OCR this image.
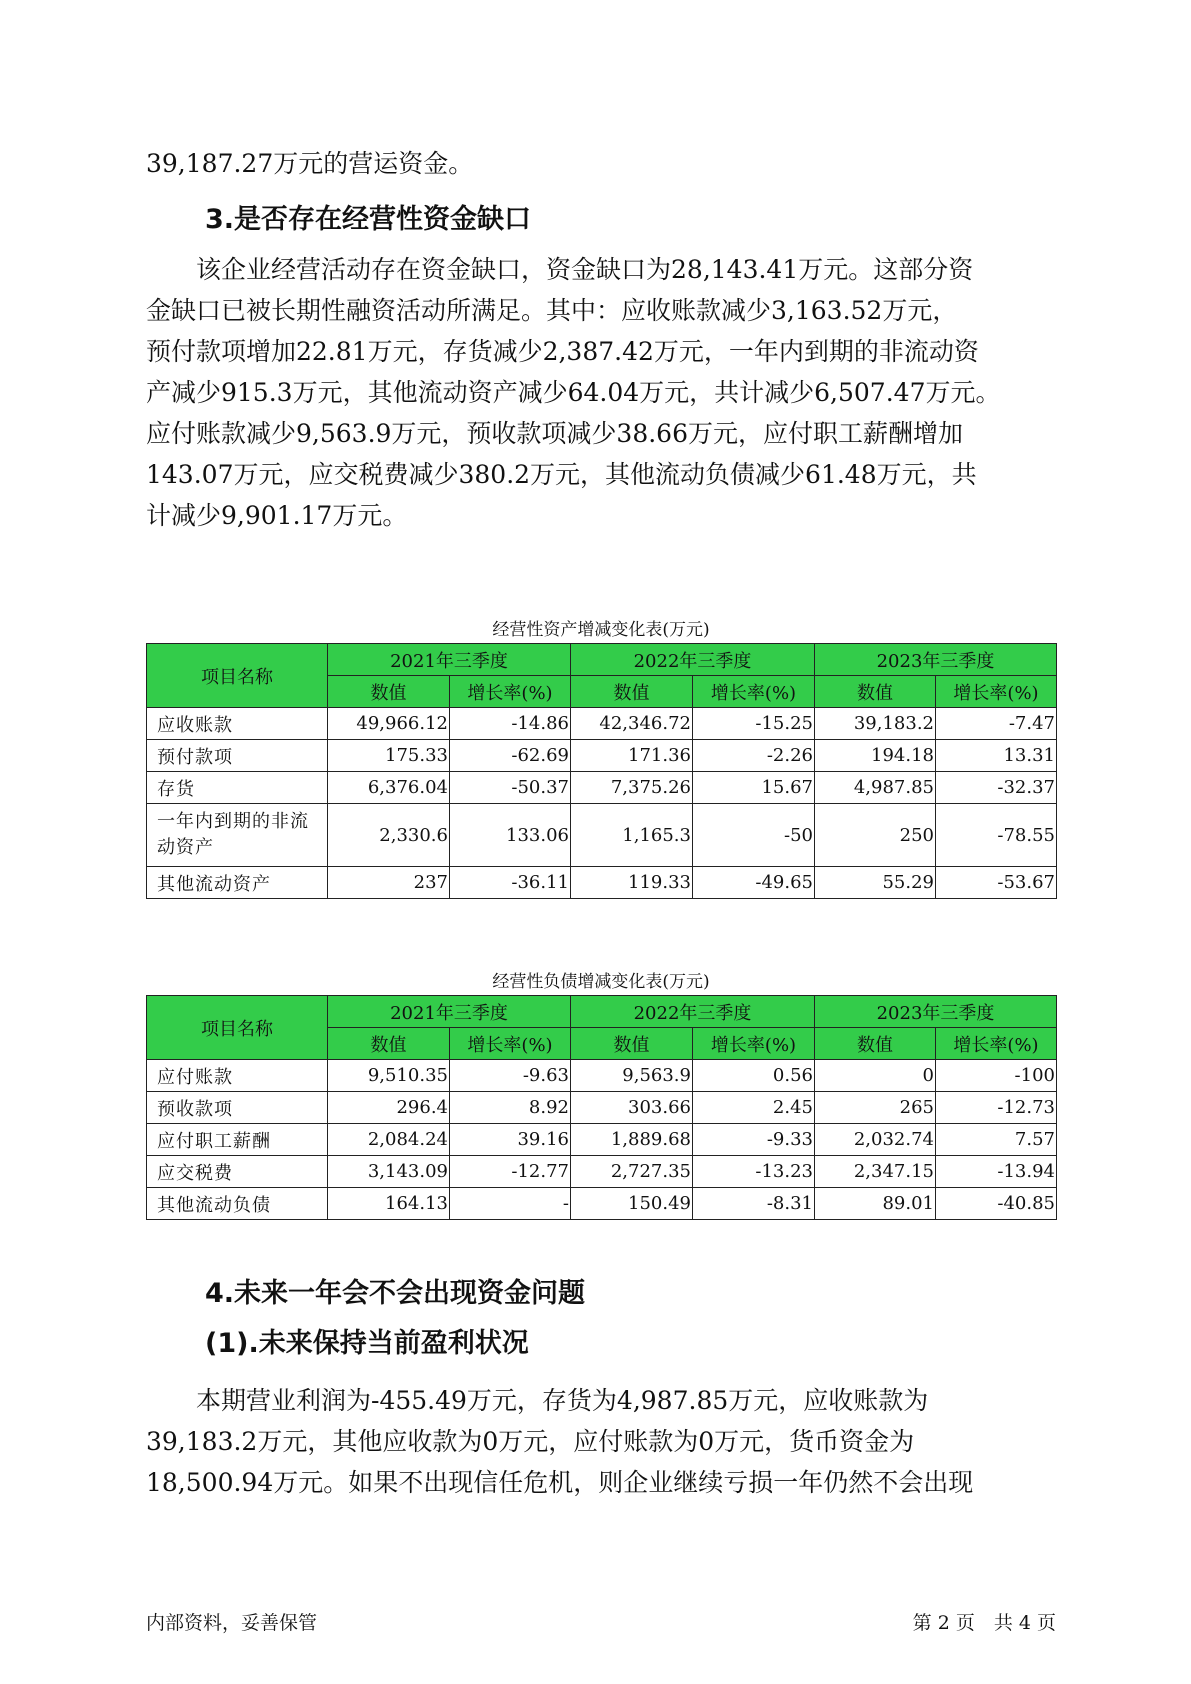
39,187.27万元的营运资金。

3.是否存在经营性资金缺口

　　该企业经营活动存在资金缺口，资金缺口为28,143.41万元。这部分资
金缺口已被长期性融资活动所满足。其中：应收账款减少3,163.52万元，
预付款项增加22.81万元，存货减少2,387.42万元，一年内到期的非流动资
产减少915.3万元，其他流动资产减少64.04万元，共计减少6,507.47万元。
应付账款减少9,563.9万元，预收款项减少38.66万元，应付职工薪酬增加
143.07万元，应交税费减少380.2万元，其他流动负债减少61.48万元，共
计减少9,901.17万元。

经营性资产增减变化表(万元)

项目名称	2021年三季度		2022年三季度		2023年三季度	
	数值	增长率(%)	数值	增长率(%)	数值	增长率(%)
应收账款	49,966.12	-14.86	42,346.72	-15.25	39,183.2	-7.47
预付款项	175.33	-62.69	171.36	-2.26	194.18	13.31
存货	6,376.04	-50.37	7,375.26	15.67	4,987.85	-32.37

一年内到期的非流
动资产	2,330.6	133.06	1,165.3	-50	250	-78.55
其他流动资产	237	-36.11	119.33	-49.65	55.29	-53.67

经营性负债增减变化表(万元)

项目名称	2021年三季度		2022年三季度		2023年三季度	
	数值	增长率(%)	数值	增长率(%)	数值	增长率(%)
应付账款	9,510.35	-9.63	9,563.9	0.56	0	-100
预收款项	296.4	8.92	303.66	2.45	265	-12.73
应付职工薪酬	2,084.24	39.16	1,889.68	-9.33	2,032.74	7.57
应交税费	3,143.09	-12.77	2,727.35	-13.23	2,347.15	-13.94
其他流动负债	164.13	-	150.49	-8.31	89.01	-40.85
4.未来一年会不会出现资金问题
(1).未来保持当前盈利状况

　　本期营业利润为-455.49万元，存货为4,987.85万元，应收账款为
39,183.2万元，其他应收款为0万元，应付账款为0万元，货币资金为
18,500.94万元。如果不出现信任危机，则企业继续亏损一年仍然不会出现

内部资料，妥善保管	第 2 页　共 4 页
